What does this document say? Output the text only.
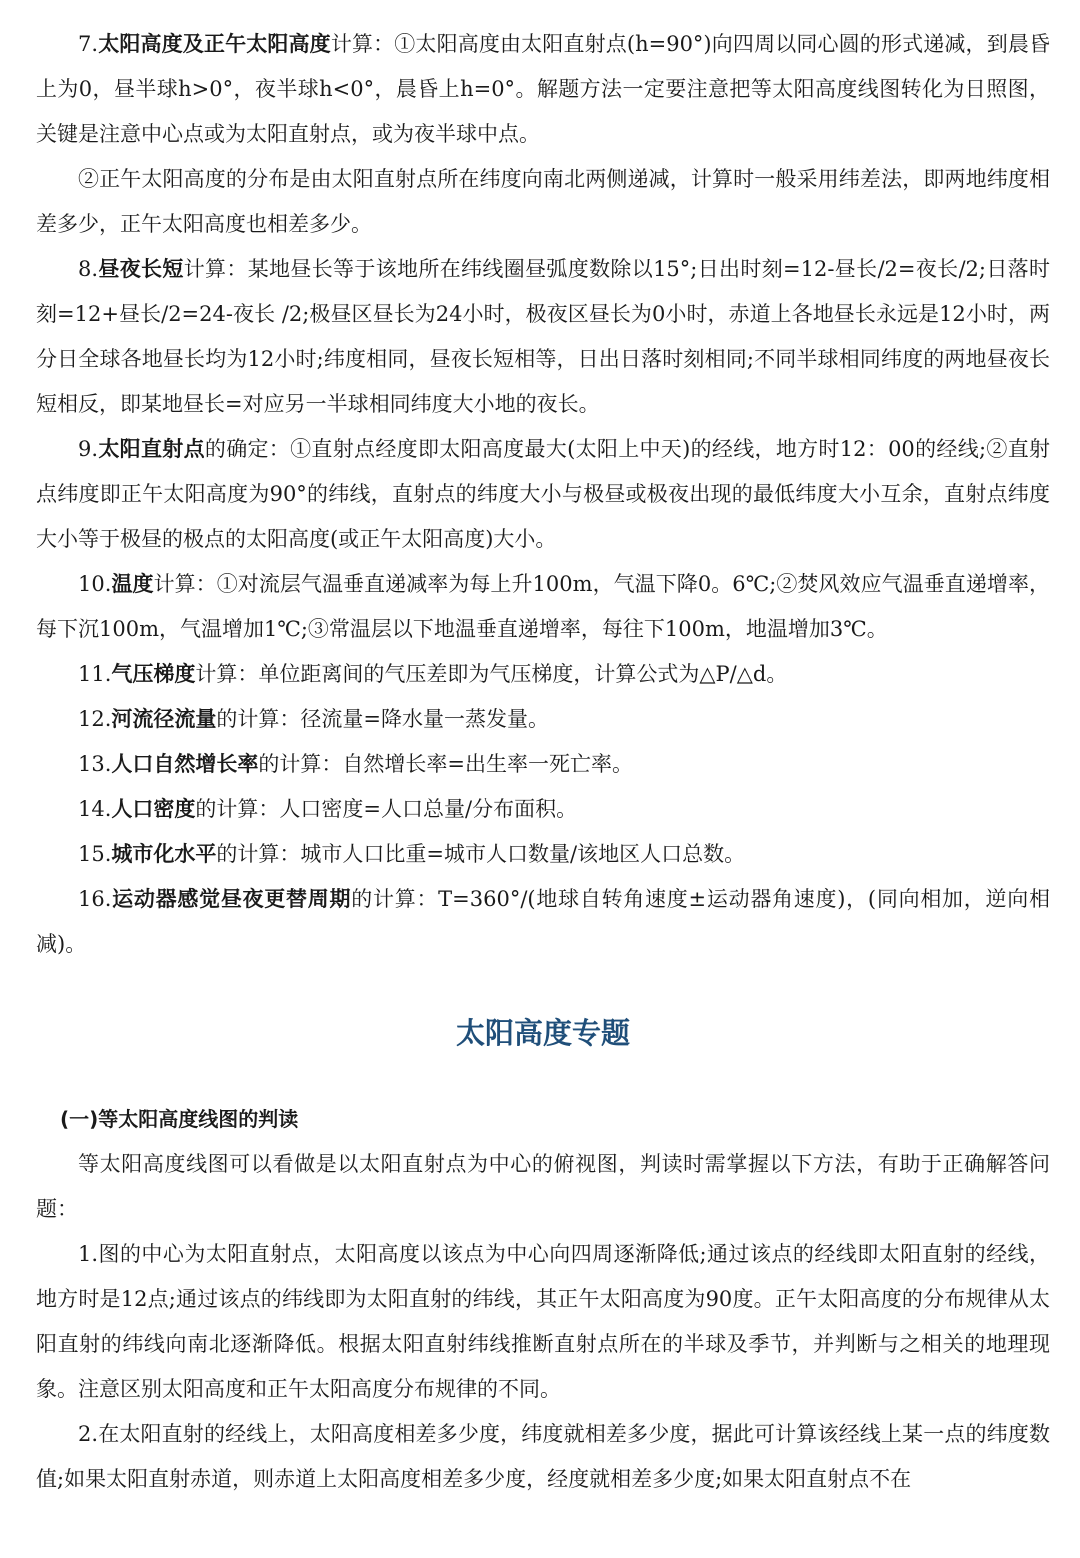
7.太阳高度及正午太阳高度计算：①太阳高度由太阳直射点(h=90°)向四周以同心圆的形式递减，到晨昏上为0，昼半球h>0°，夜半球h<0°，晨昏上h=0°。解题方法一定要注意把等太阳高度线图转化为日照图，关键是注意中心点或为太阳直射点，或为夜半球中点。

②正午太阳高度的分布是由太阳直射点所在纬度向南北两侧递减，计算时一般采用纬差法，即两地纬度相差多少，正午太阳高度也相差多少。

8.昼夜长短计算：某地昼长等于该地所在纬线圈昼弧度数除以15°;日出时刻=12-昼长/2=夜长/2;日落时刻=12+昼长/2=24-夜长 /2;极昼区昼长为24小时，极夜区昼长为0小时，赤道上各地昼长永远是12小时，两分日全球各地昼长均为12小时;纬度相同，昼夜长短相等，日出日落时刻相同;不同半球相同纬度的两地昼夜长短相反，即某地昼长=对应另一半球相同纬度大小地的夜长。

9.太阳直射点的确定：①直射点经度即太阳高度最大(太阳上中天)的经线，地方时12：00的经线;②直射点纬度即正午太阳高度为90°的纬线，直射点的纬度大小与极昼或极夜出现的最低纬度大小互余，直射点纬度大小等于极昼的极点的太阳高度(或正午太阳高度)大小。

10.温度计算：①对流层气温垂直递减率为每上升100m，气温下降0。6℃;②焚风效应气温垂直递增率，每下沉100m，气温增加1℃;③常温层以下地温垂直递增率，每往下100m，地温增加3℃。

11.气压梯度计算：单位距离间的气压差即为气压梯度，计算公式为△P/△d。

12.河流径流量的计算：径流量=降水量一蒸发量。

13.人口自然增长率的计算：自然增长率=出生率一死亡率。

14.人口密度的计算：人口密度=人口总量/分布面积。

15.城市化水平的计算：城市人口比重=城市人口数量/该地区人口总数。

16.运动器感觉昼夜更替周期的计算：T=360°/(地球自转角速度±运动器角速度)，(同向相加，逆向相减)。

太阳高度专题
(一)等太阳高度线图的判读

等太阳高度线图可以看做是以太阳直射点为中心的俯视图，判读时需掌握以下方法，有助于正确解答问题：

1.图的中心为太阳直射点，太阳高度以该点为中心向四周逐渐降低;通过该点的经线即太阳直射的经线，地方时是12点;通过该点的纬线即为太阳直射的纬线，其正午太阳高度为90度。正午太阳高度的分布规律从太阳直射的纬线向南北逐渐降低。根据太阳直射纬线推断直射点所在的半球及季节，并判断与之相关的地理现象。注意区别太阳高度和正午太阳高度分布规律的不同。

2.在太阳直射的经线上，太阳高度相差多少度，纬度就相差多少度，据此可计算该经线上某一点的纬度数值;如果太阳直射赤道，则赤道上太阳高度相差多少度，经度就相差多少度;如果太阳直射点不在
